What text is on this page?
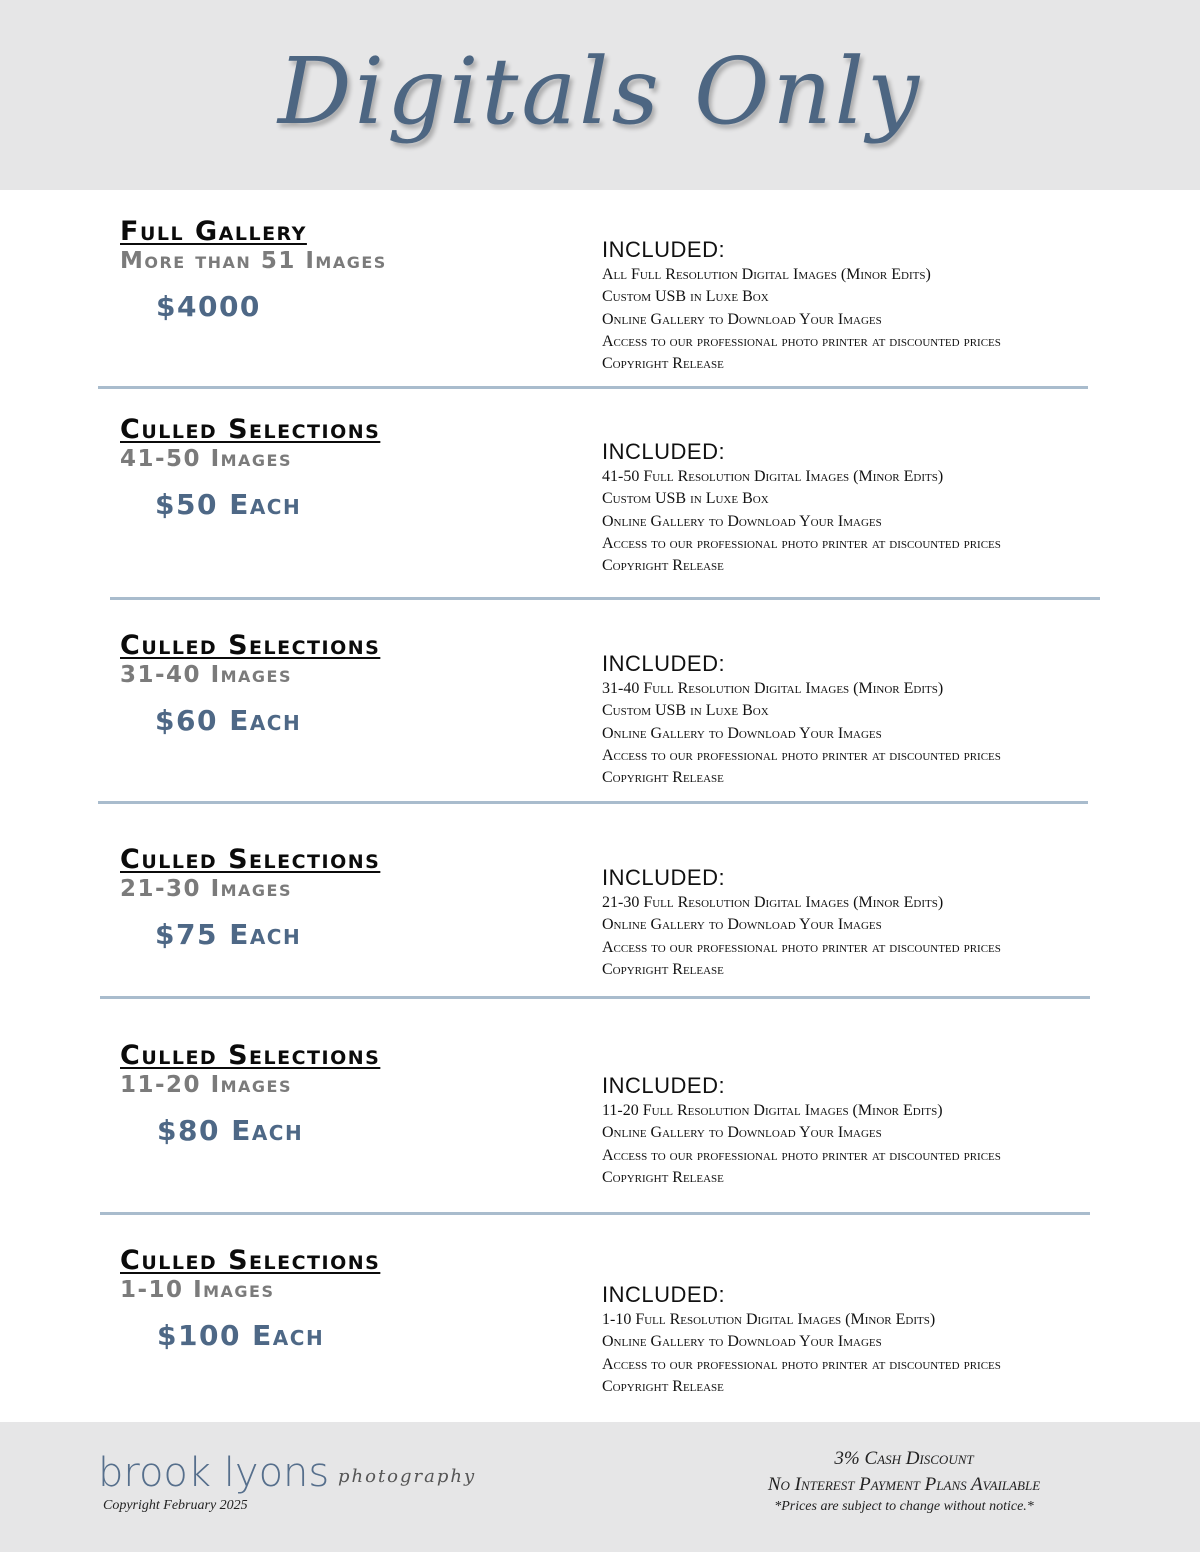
Digitals Only
Full Gallery
More than 51 Images
$4000
INCLUDED:
All Full Resolution Digital Images (Minor Edits)
Custom USB in Luxe Box
Online Gallery to Download Your Images
Access to our professional photo printer at discounted prices
Copyright Release
Culled Selections
41-50 Images
$50 Each
INCLUDED:
41-50 Full Resolution Digital Images (Minor Edits)
Custom USB in Luxe Box
Online Gallery to Download Your Images
Access to our professional photo printer at discounted prices
Copyright Release
Culled Selections
31-40 Images
$60 Each
INCLUDED:
31-40 Full Resolution Digital Images (Minor Edits)
Custom USB in Luxe Box
Online Gallery to Download Your Images
Access to our professional photo printer at discounted prices
Copyright Release
Culled Selections
21-30 Images
$75 Each
INCLUDED:
21-30 Full Resolution Digital Images (Minor Edits)
Online Gallery to Download Your Images
Access to our professional photo printer at discounted prices
Copyright Release
Culled Selections
11-20 Images
$80 Each
INCLUDED:
11-20 Full Resolution Digital Images (Minor Edits)
Online Gallery to Download Your Images
Access to our professional photo printer at discounted prices
Copyright Release
Culled Selections
1-10 Images
$100 Each
INCLUDED:
1-10 Full Resolution Digital Images (Minor Edits)
Online Gallery to Download Your Images
Access to our professional photo printer at discounted prices
Copyright Release
brook lyons photography
Copyright February 2025
3% Cash Discount
No Interest Payment Plans Available
*Prices are subject to change without notice.*
